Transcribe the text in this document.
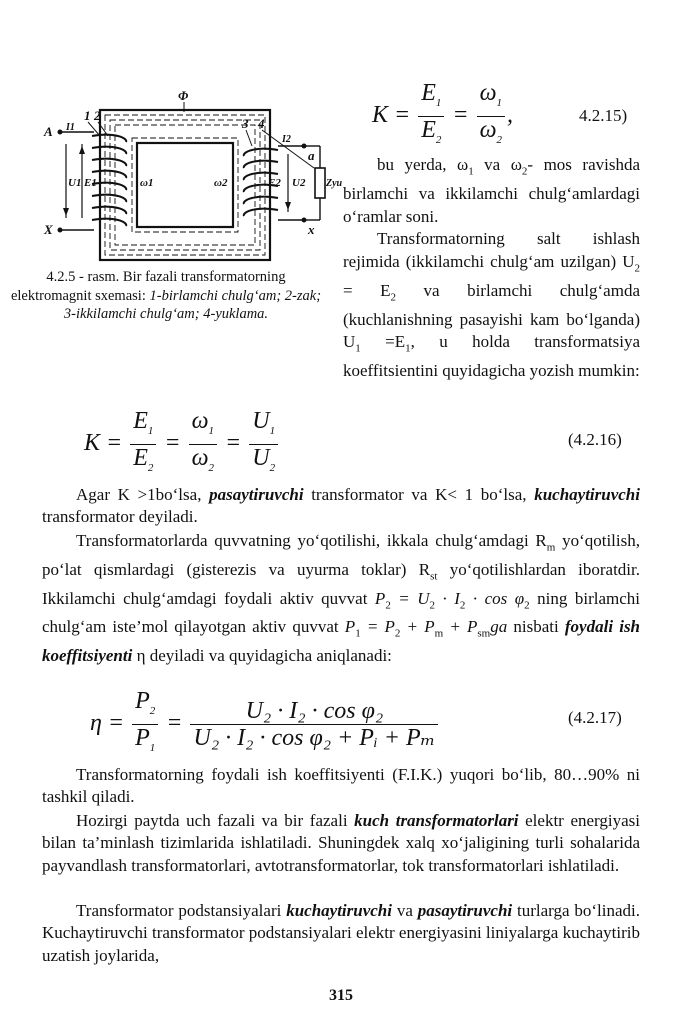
Φ
1 2
3 4
A
X
U1 E1	ω1	ω2	E2 U2 Zyu
I1
I2
a
x
4.2.5 - rasm. Bir fazali transformatorning elektromagnit sxemasi: 1-birlamchi chulg‘am; 2-zak; 3-ikkilamchi chulg‘am; 4-yuklama.
$K = \frac{E_1}{E_2} = \frac{\omega_1}{\omega_2}$ ,	4.2.15)
bu yerda, $\omega_1$ va $\omega_2-$ mos ravishda birlamchi va ikkilamchi chulg‘amlardagi o‘ramlar soni.
Transformatorning salt ishlash rejimida (ikkilamchi chulg‘am uzilgan) $U_2 = E_2$ va birlamchi chulg‘amda (kuchlanishning pasayishi kam bo‘lganda) $U_1 =E_1$, u holda transformatsiya koeffitsientini quyidagicha yozish mumkin:
$K = \frac{E_1}{E_2} = \frac{\omega_1}{\omega_2} = \frac{U_1}{U_2}$	(4.2.16)
Agar K >1bo‘lsa, pasaytiruvchi transformator va K< 1 bo‘lsa, kuchaytiruvchi transformator deyiladi.
Transformatorlarda quvvatning yo‘qotilishi, ikkala chulg‘amdagi $R_m$ yo‘qotilish, po‘lat qismlardagi (gisterezis va uyurma toklar) $R_{st}$ yo‘qotilishlardan iboratdir. Ikkilamchi chulg‘amdagi foydali aktiv quvvat $P_2 = U_2 \cdot I_2 \cdot \cos \varphi_2$ ning birlamchi chulg‘am iste’mol qilayotgan aktiv quvvat $P_1 = P_2 + P_m + P_{sm}ga$ nisbati foydali ish koeffitsiyenti η deyiladi va quyidagicha aniqlanadi:
$\eta = \frac{P_2}{P_1} = \frac{\text{U₂ · I₂ · cos φ₂}}{\text{U₂ · I₂ · cos φ₂ + Pᵢ + Pₘ}}$	(4.2.17)
Transformatorning foydali ish koeffitsiyenti (F.I.K.) yuqori bo‘lib, 80…90% ni tashkil qiladi.
Hozirgi paytda uch fazali va bir fazali kuch transformatorlari elektr energiyasi bilan ta’minlash tizimlarida ishlatiladi. Shuningdek xalq xo‘jaligining turli sohalarida payvandlash transformatorlari, avtotransformatorlar, tok transformatorlari ishlatiladi.
Transformator podstansiyalari kuchaytiruvchi va pasaytiruvchi turlarga bo‘linadi. Kuchaytiruvchi transformator podstansiyalari elektr energiyasini liniyalarga kuchaytirib uzatish joylarida,
315
